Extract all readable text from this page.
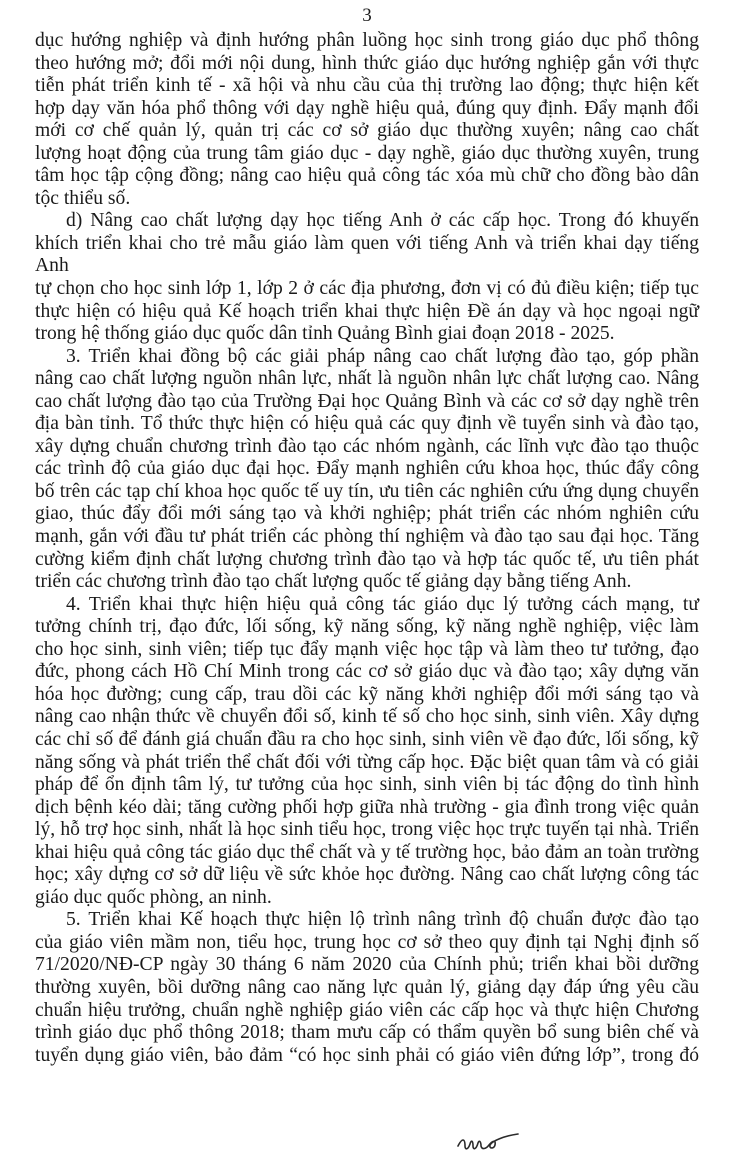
3
dục hướng nghiệp và định hướng phân luồng học sinh trong giáo dục phổ thông
theo hướng mở; đổi mới nội dung, hình thức giáo dục hướng nghiệp gắn với thực
tiễn phát triển kinh tế - xã hội và nhu cầu của thị trường lao động; thực hiện kết
hợp dạy văn hóa phổ thông với dạy nghề hiệu quả, đúng quy định. Đẩy mạnh đổi
mới cơ chế quản lý, quản trị các cơ sở giáo dục thường xuyên; nâng cao chất
lượng hoạt động của trung tâm giáo dục - dạy nghề, giáo dục thường xuyên, trung
tâm học tập cộng đồng; nâng cao hiệu quả công tác xóa mù chữ cho đồng bào dân
tộc thiểu số.
d) Nâng cao chất lượng dạy học tiếng Anh ở các cấp học. Trong đó khuyến
khích triển khai cho trẻ mẫu giáo làm quen với tiếng Anh và triển khai dạy tiếng Anh
tự chọn cho học sinh lớp 1, lớp 2 ở các địa phương, đơn vị có đủ điều kiện; tiếp tục
thực hiện có hiệu quả Kế hoạch triển khai thực hiện Đề án dạy và học ngoại ngữ
trong hệ thống giáo dục quốc dân tỉnh Quảng Bình giai đoạn 2018 - 2025.
3. Triển khai đồng bộ các giải pháp nâng cao chất lượng đào tạo, góp phần
nâng cao chất lượng nguồn nhân lực, nhất là nguồn nhân lực chất lượng cao. Nâng
cao chất lượng đào tạo của Trường Đại học Quảng Bình và các cơ sở dạy nghề trên
địa bàn tỉnh. Tổ thức thực hiện có hiệu quả các quy định về tuyển sinh và đào tạo,
xây dựng chuẩn chương trình đào tạo các nhóm ngành, các lĩnh vực đào tạo thuộc
các trình độ của giáo dục đại học. Đẩy mạnh nghiên cứu khoa học, thúc đẩy công
bố trên các tạp chí khoa học quốc tế uy tín, ưu tiên các nghiên cứu ứng dụng chuyển
giao, thúc đẩy đổi mới sáng tạo và khởi nghiệp; phát triển các nhóm nghiên cứu
mạnh, gắn với đầu tư phát triển các phòng thí nghiệm và đào tạo sau đại học. Tăng
cường kiểm định chất lượng chương trình đào tạo và hợp tác quốc tế, ưu tiên phát
triển các chương trình đào tạo chất lượng quốc tế giảng dạy bằng tiếng Anh.
4. Triển khai thực hiện hiệu quả công tác giáo dục lý tưởng cách mạng, tư
tưởng chính trị, đạo đức, lối sống, kỹ năng sống, kỹ năng nghề nghiệp, việc làm
cho học sinh, sinh viên; tiếp tục đẩy mạnh việc học tập và làm theo tư tưởng, đạo
đức, phong cách Hồ Chí Minh trong các cơ sở giáo dục và đào tạo; xây dựng văn
hóa học đường; cung cấp, trau dồi các kỹ năng khởi nghiệp đổi mới sáng tạo và
nâng cao nhận thức về chuyển đổi số, kinh tế số cho học sinh, sinh viên. Xây dựng
các chỉ số để đánh giá chuẩn đầu ra cho học sinh, sinh viên về đạo đức, lối sống, kỹ
năng sống và phát triển thể chất đối với từng cấp học. Đặc biệt quan tâm và có giải
pháp để ổn định tâm lý, tư tưởng của học sinh, sinh viên bị tác động do tình hình
dịch bệnh kéo dài; tăng cường phối hợp giữa nhà trường - gia đình trong việc quản
lý, hỗ trợ học sinh, nhất là học sinh tiểu học, trong việc học trực tuyến tại nhà. Triển
khai hiệu quả công tác giáo dục thể chất và y tế trường học, bảo đảm an toàn trường
học; xây dựng cơ sở dữ liệu về sức khỏe học đường. Nâng cao chất lượng công tác
giáo dục quốc phòng, an ninh.
5. Triển khai Kế hoạch thực hiện lộ trình nâng trình độ chuẩn được đào tạo
của giáo viên mầm non, tiểu học, trung học cơ sở theo quy định tại Nghị định số
71/2020/NĐ-CP ngày 30 tháng 6 năm 2020 của Chính phủ; triển khai bồi dưỡng
thường xuyên, bồi dưỡng nâng cao năng lực quản lý, giảng dạy đáp ứng yêu cầu
chuẩn hiệu trưởng, chuẩn nghề nghiệp giáo viên các cấp học và thực hiện Chương
trình giáo dục phổ thông 2018; tham mưu cấp có thẩm quyền bổ sung biên chế và
tuyển dụng giáo viên, bảo đảm “có học sinh phải có giáo viên đứng lớp”, trong đó
